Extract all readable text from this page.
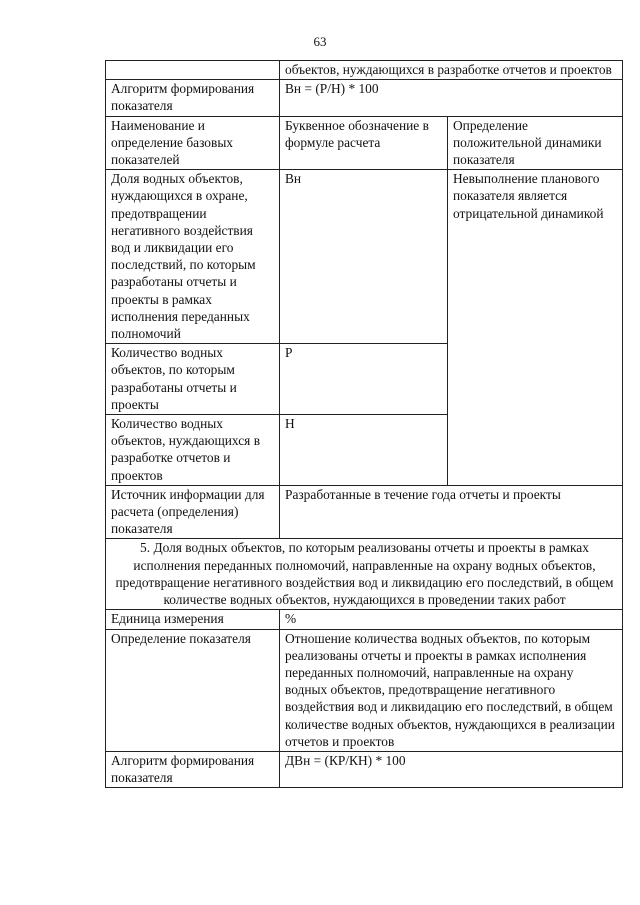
63
	объектов, нуждающихся в разработке отчетов и проектов	
Алгоритм формирования показателя	Вн = (Р/Н) * 100	
Наименование и определение базовых показателей	Буквенное обозначение в формуле расчета	Определение положительной динамики показателя
Доля водных объектов, нуждающихся в охране, предотвращении негативного воздействия вод и ликвидации его последствий, по которым разработаны отчеты и проекты в рамках исполнения переданных полномочий	Вн	Невыполнение планового показателя является отрицательной динамикой
Количество водных объектов, по которым разработаны отчеты и проекты	Р	
Количество водных объектов, нуждающихся в разработке отчетов и проектов	Н	
Источник информации для расчета (определения) показателя	Разработанные в течение года отчеты и проекты	
5. Доля водных объектов, по которым реализованы отчеты и проекты в рамках исполнения переданных полномочий, направленные на охрану водных объектов, предотвращение негативного воздействия вод и ликвидацию его последствий, в общем количестве водных объектов, нуждающихся в проведении таких работ		
Единица измерения	%	
Определение показателя	Отношение количества водных объектов, по которым реализованы отчеты и проекты в рамках исполнения переданных полномочий, направленные на охрану водных объектов, предотвращение негативного воздействия вод и ликвидацию его последствий, в общем количестве водных объектов, нуждающихся в реализации отчетов и проектов	
Алгоритм формирования показателя	ДВн = (КР/КН) * 100	
